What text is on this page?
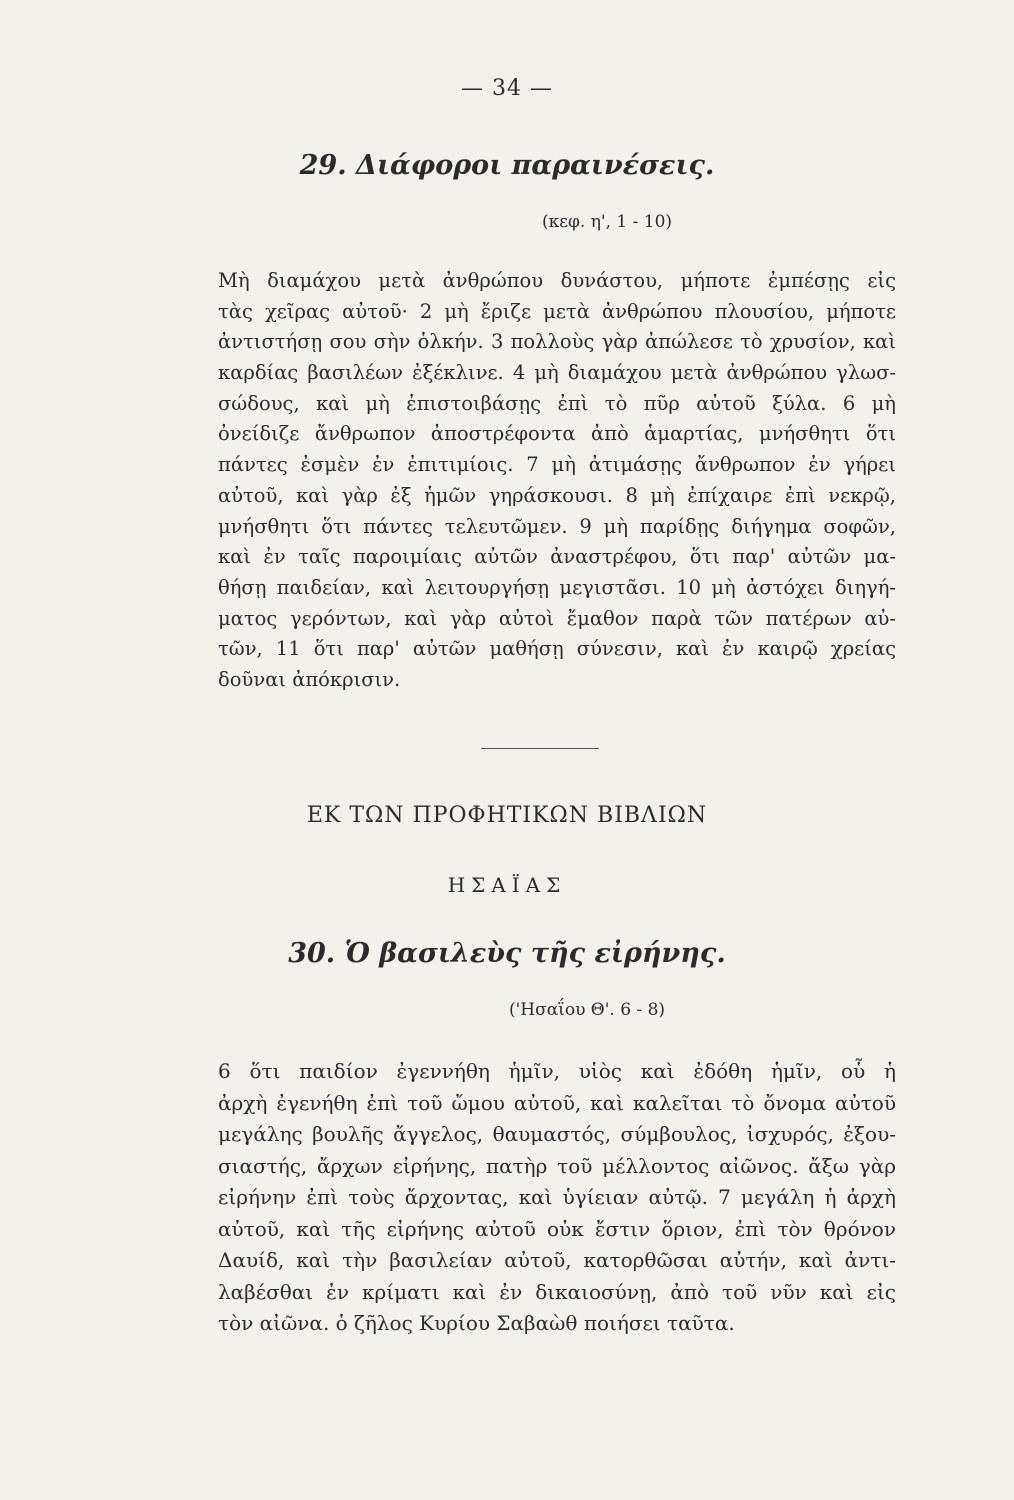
— 34 —
29. Διάφοροι παραινέσεις.
(κεφ. η', 1 - 10)
Μὴ διαμάχου μετὰ ἀνθρώπου δυνάστου, μήποτε ἐμπέσῃς εἰς
τὰς χεῖρας αὐτοῦ· 2 μὴ ἔριζε μετὰ ἀνθρώπου πλουσίου, μήποτε
ἀντιστήσῃ σου σὴν ὁλκήν. 3 πολλοὺς γὰρ ἀπώλεσε τὸ χρυσίον, καὶ
καρδίας βασιλέων ἐξέκλινε. 4 μὴ διαμάχου μετὰ ἀνθρώπου γλωσ-
σώδους, καὶ μὴ ἐπιστοιβάσῃς ἐπὶ τὸ πῦρ αὐτοῦ ξύλα. 6 μὴ
ὀνείδιζε ἄνθρωπον ἀποστρέφοντα ἀπὸ ἁμαρτίας, μνήσθητι ὅτι
πάντες ἐσμὲν ἐν ἐπιτιμίοις. 7 μὴ ἀτιμάσῃς ἄνθρωπον ἐν γήρει
αὐτοῦ, καὶ γὰρ ἐξ ἡμῶν γηράσκουσι. 8 μὴ ἐπίχαιρε ἐπὶ νεκρῷ,
μνήσθητι ὅτι πάντες τελευτῶμεν. 9 μὴ παρίδῃς διήγημα σοφῶν,
καὶ ἐν ταῖς παροιμίαις αὐτῶν ἀναστρέφου, ὅτι παρ' αὐτῶν μα-
θήσῃ παιδείαν, καὶ λειτουργήσῃ μεγιστᾶσι. 10 μὴ ἀστόχει διηγή-
ματος γερόντων, καὶ γὰρ αὐτοὶ ἔμαθον παρὰ τῶν πατέρων αὐ-
τῶν, 11 ὅτι παρ' αὐτῶν μαθήσῃ σύνεσιν, καὶ ἐν καιρῷ χρείας
δοῦναι ἀπόκρισιν.
ΕΚ ΤΩΝ ΠΡΟΦΗΤΙΚΩΝ ΒΙΒΛΙΩΝ
ΗΣΑΪΑΣ
30. Ὁ βασιλεὺς τῆς εἰρήνης.
('Ησαΐου Θ'. 6 - 8)
6 ὅτι παιδίον ἐγεννήθη ἡμῖν, υἱὸς καὶ ἐδόθη ἡμῖν, οὗ ἡ
ἀρχὴ ἐγενήθη ἐπὶ τοῦ ὤμου αὐτοῦ, καὶ καλεῖται τὸ ὄνομα αὐτοῦ
μεγάλης βουλῆς ἄγγελος, θαυμαστός, σύμβουλος, ἰσχυρός, ἐξου-
σιαστής, ἄρχων εἰρήνης, πατὴρ τοῦ μέλλοντος αἰῶνος. ἄξω γὰρ
εἰρήνην ἐπὶ τοὺς ἄρχοντας, καὶ ὑγίειαν αὐτῷ. 7 μεγάλη ἡ ἀρχὴ
αὐτοῦ, καὶ τῆς εἰρήνης αὐτοῦ οὐκ ἔστιν ὅριον, ἐπὶ τὸν θρόνον
Δαυίδ, καὶ τὴν βασιλείαν αὐτοῦ, κατορθῶσαι αὐτήν, καὶ ἀντι-
λαβέσθαι ἐν κρίματι καὶ ἐν δικαιοσύνῃ, ἀπὸ τοῦ νῦν καὶ εἰς
τὸν αἰῶνα. ὁ ζῆλος Κυρίου Σαβαὼθ ποιήσει ταῦτα.
